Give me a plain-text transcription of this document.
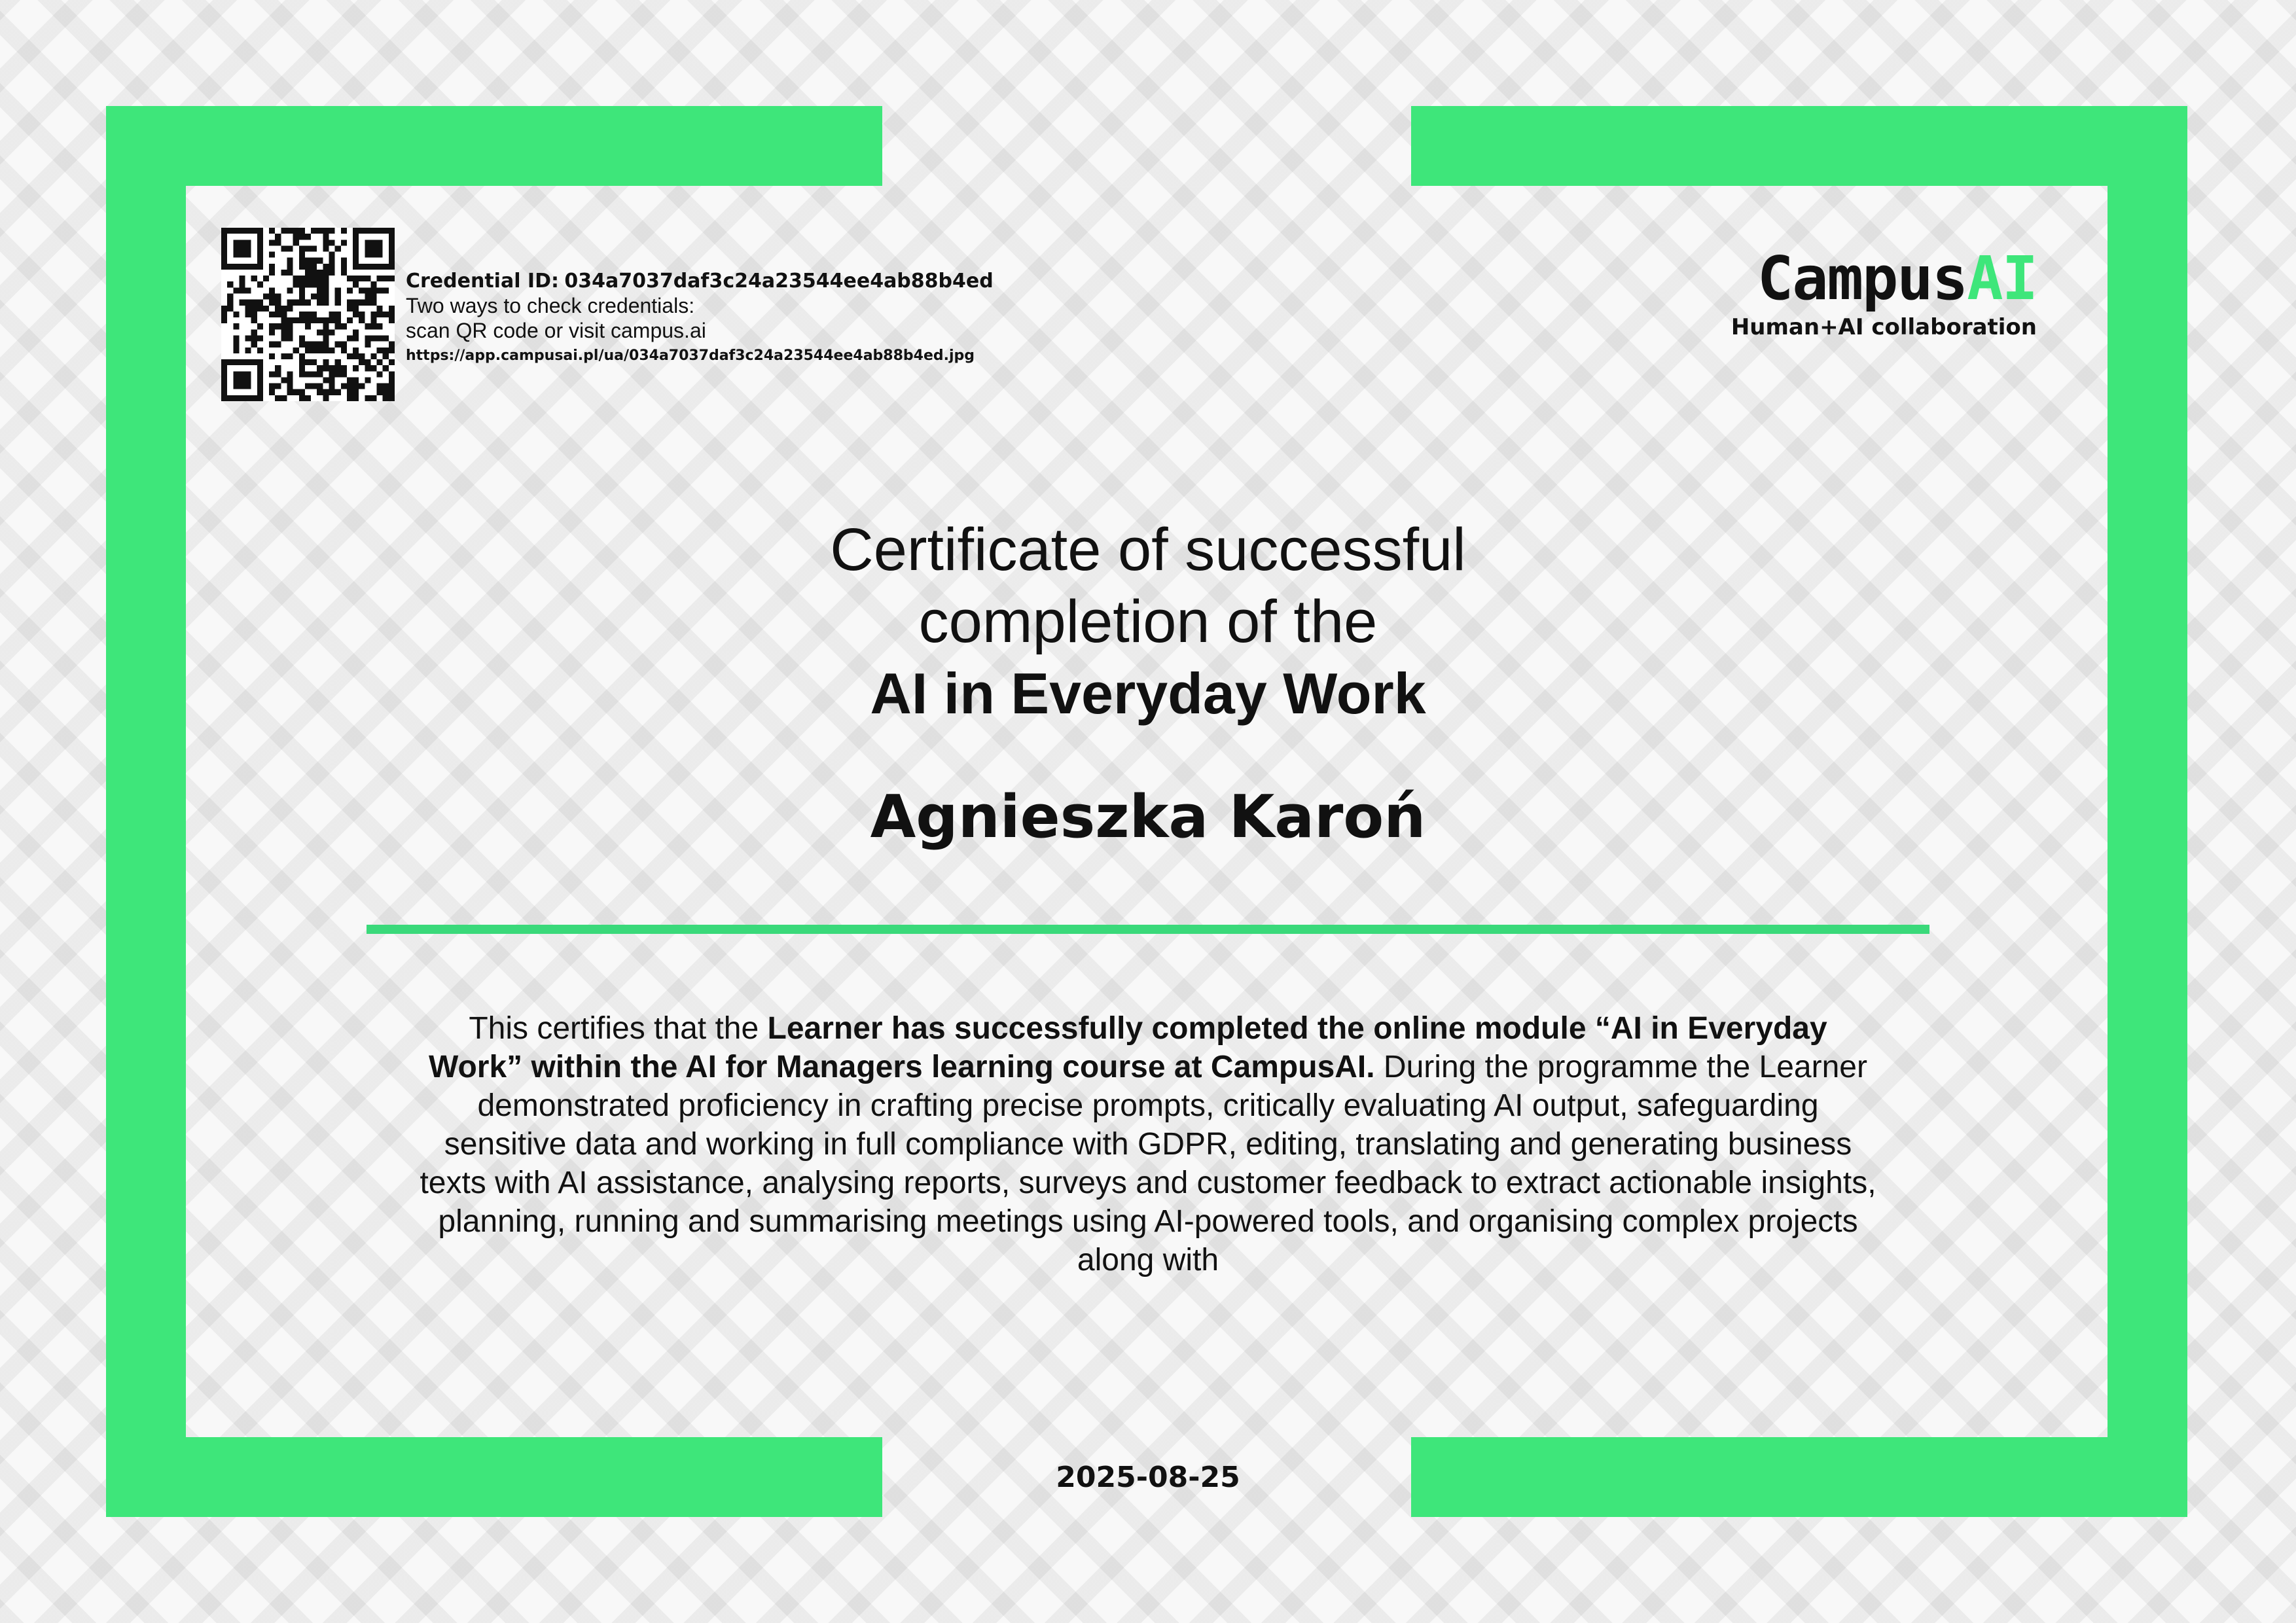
Credential ID: 034a7037daf3c24a23544ee4ab88b4ed
Two ways to check credentials:
scan QR code or visit campus.ai
https://app.campusai.pl/ua/034a7037daf3c24a23544ee4ab88b4ed.jpg
CampusAI
Human+AI collaboration
Certificate of successful
completion of the
AI in Everyday Work
Agnieszka Karoń
This certifies that the Learner has successfully completed the online module “AI in Everyday Work” within the AI for Managers learning course at CampusAI. During the programme the Learner demonstrated proficiency in crafting precise prompts, critically evaluating AI output, safeguarding sensitive data and working in full compliance with GDPR, editing, translating and generating business texts with AI assistance, analysing reports, surveys and customer feedback to extract actionable insights, planning, running and summarising meetings using AI-powered tools, and organising complex projects along with
2025-08-25
